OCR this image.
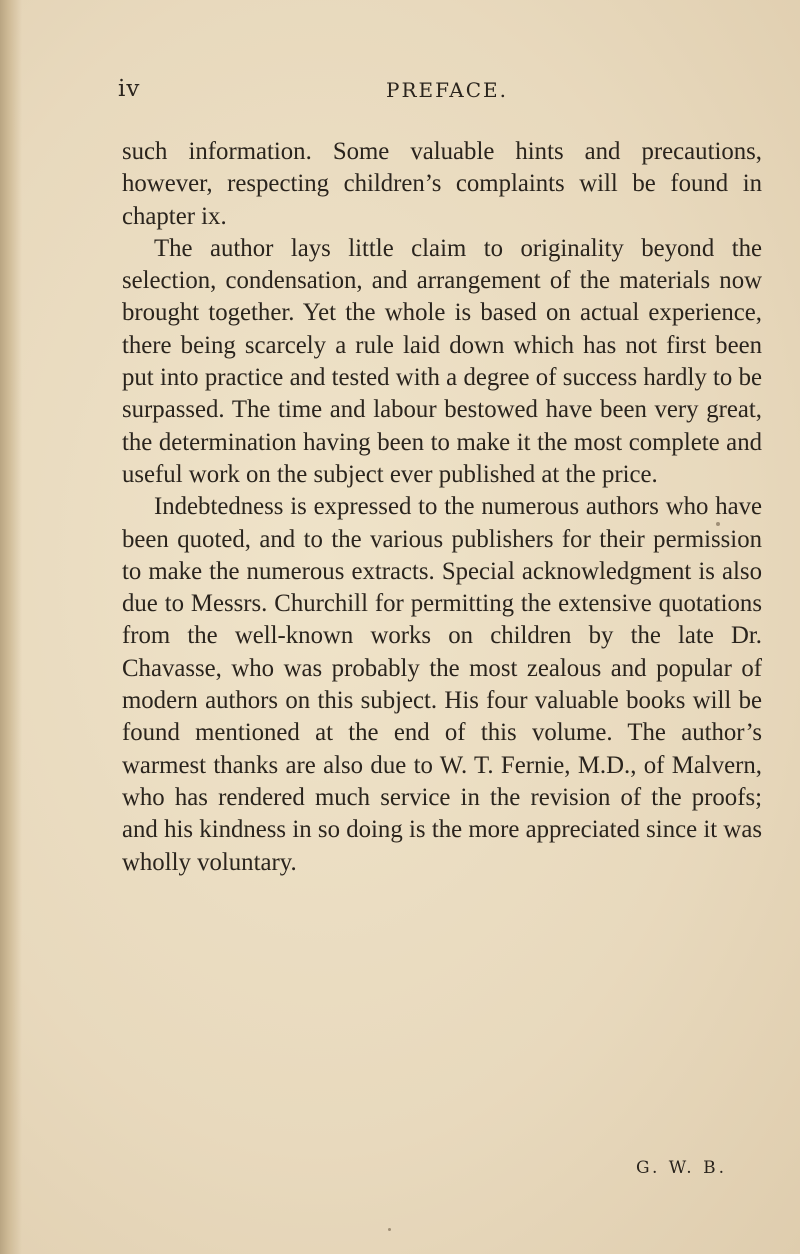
iv	PREFACE.

such information. Some valuable hints and precautions, however, respecting children’s complaints will be found in chapter ix.

The author lays little claim to originality beyond the selection, condensation, and arrangement of the materials now brought together. Yet the whole is based on actual experience, there being scarcely a rule laid down which has not first been put into practice and tested with a degree of success hardly to be surpassed. The time and labour bestowed have been very great, the determination having been to make it the most complete and useful work on the subject ever published at the price.

Indebtedness is expressed to the numerous authors who have been quoted, and to the various publishers for their permission to make the numerous extracts. Special acknowledgment is also due to Messrs. Churchill for permitting the extensive quotations from the well-known works on children by the late Dr. Chavasse, who was probably the most zealous and popular of modern authors on this subject. His four valuable books will be found mentioned at the end of this volume. The author’s warmest thanks are also due to W. T. Fernie, M.D., of Malvern, who has rendered much service in the revision of the proofs; and his kindness in so doing is the more appreciated since it was wholly voluntary.

G. W. B.
